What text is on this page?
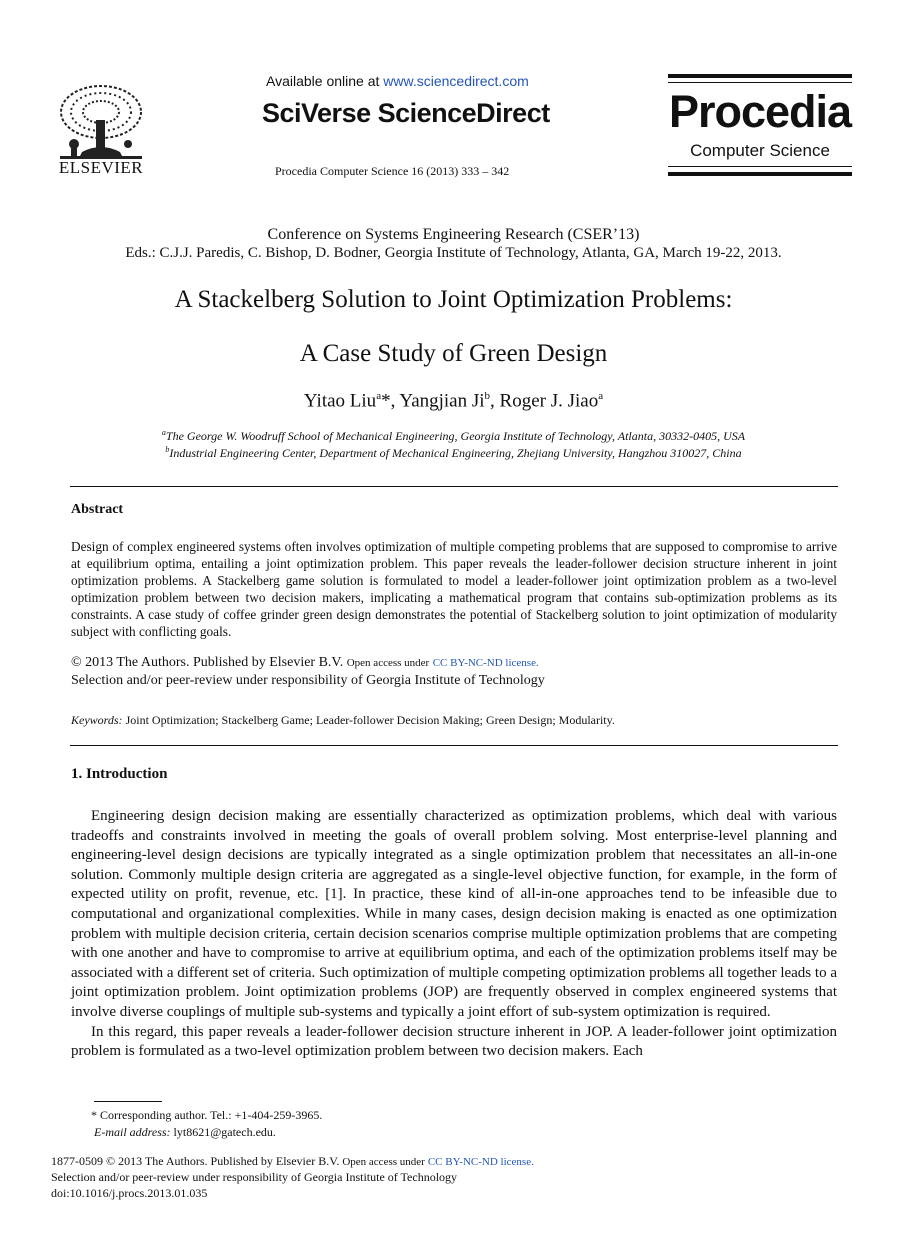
ELSEVIER
Available online at www.sciencedirect.com
SciVerse ScienceDirect
Procedia Computer Science 16 (2013) 333 – 342
Procedia
Computer Science
Conference on Systems Engineering Research (CSER’13)
Eds.: C.J.J. Paredis, C. Bishop, D. Bodner, Georgia Institute of Technology, Atlanta, GA, March 19-22, 2013.
A Stackelberg Solution to Joint Optimization Problems:
A Case Study of Green Design
Yitao Liu$^a$*, Yangjian Ji$^b$, Roger J. Jiao$^a$
$^a$The George W. Woodruff School of Mechanical Engineering, Georgia Institute of Technology, Atlanta, 30332-0405, USA
$^b$Industrial Engineering Center, Department of Mechanical Engineering, Zhejiang University, Hangzhou 310027, China
Abstract
Design of complex engineered systems often involves optimization of multiple competing problems that are supposed to compromise to arrive at equilibrium optima, entailing a joint optimization problem. This paper reveals the leader-follower decision structure inherent in joint optimization problems. A Stackelberg game solution is formulated to model a leader-follower joint optimization problem as a two-level optimization problem between two decision makers, implicating a mathematical program that contains sub-optimization problems as its constraints. A case study of coffee grinder green design demonstrates the potential of Stackelberg solution to joint optimization of modularity subject with conflicting goals.
© 2013 The Authors. Published by Elsevier B.V. Open access under CC BY-NC-ND license.
Selection and/or peer-review under responsibility of Georgia Institute of Technology
Keywords: Joint Optimization; Stackelberg Game; Leader-follower Decision Making; Green Design; Modularity.
1. Introduction

Engineering design decision making are essentially characterized as optimization problems, which deal with various tradeoffs and constraints involved in meeting the goals of overall problem solving. Most enterprise-level planning and engineering-level design decisions are typically integrated as a single optimization problem that necessitates an all-in-one solution. Commonly multiple design criteria are aggregated as a single-level objective function, for example, in the form of expected utility on profit, revenue, etc. [1]. In practice, these kind of all-in-one approaches tend to be infeasible due to computational and organizational complexities. While in many cases, design decision making is enacted as one optimization problem with multiple decision criteria, certain decision scenarios comprise multiple optimization problems that are competing with one another and have to compromise to arrive at equilibrium optima, and each of the optimization problems itself may be associated with a different set of criteria. Such optimization of multiple competing optimization problems all together leads to a joint optimization problem. Joint optimization problems (JOP) are frequently observed in complex engineered systems that involve diverse couplings of multiple sub-systems and typically a joint effort of sub-system optimization is required.

In this regard, this paper reveals a leader-follower decision structure inherent in JOP. A leader-follower joint optimization problem is formulated as a two-level optimization problem between two decision makers. Each

* Corresponding author. Tel.: +1-404-259-3965.
E-mail address: lyt8621@gatech.edu.
1877-0509 © 2013 The Authors. Published by Elsevier B.V. Open access under CC BY-NC-ND license.
Selection and/or peer-review under responsibility of Georgia Institute of Technology
doi:10.1016/j.procs.2013.01.035
